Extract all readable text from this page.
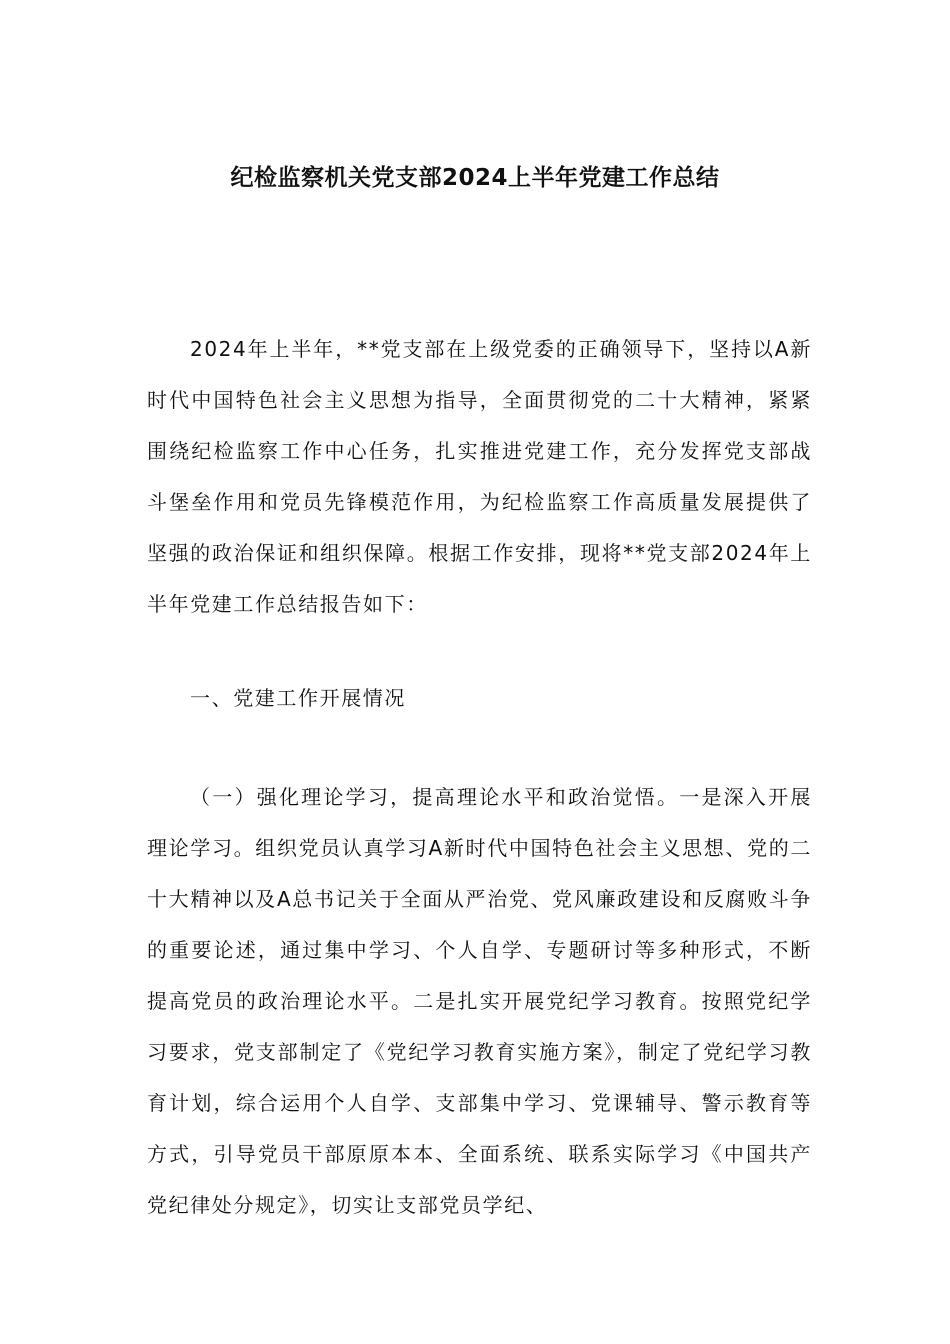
纪检监察机关党支部2024上半年党建工作总结

2024年上半年，**党支部在上级党委的正确领导下，坚持以A新时代中国特色社会主义思想为指导，全面贯彻党的二十大精神，紧紧围绕纪检监察工作中心任务，扎实推进党建工作，充分发挥党支部战斗堡垒作用和党员先锋模范作用，为纪检监察工作高质量发展提供了坚强的政治保证和组织保障。根据工作安排，现将**党支部2024年上半年党建工作总结报告如下：

一、党建工作开展情况

（一）强化理论学习，提高理论水平和政治觉悟。一是深入开展理论学习。组织党员认真学习A新时代中国特色社会主义思想、党的二十大精神以及A总书记关于全面从严治党、党风廉政建设和反腐败斗争的重要论述，通过集中学习、个人自学、专题研讨等多种形式，不断提高党员的政治理论水平。二是扎实开展党纪学习教育。按照党纪学习要求，党支部制定了《党纪学习教育实施方案》，制定了党纪学习教育计划，综合运用个人自学、支部集中学习、党课辅导、警示教育等方式，引导党员干部原原本本、全面系统、联系实际学习《中国共产党纪律处分规定》，切实让支部党员学纪、
